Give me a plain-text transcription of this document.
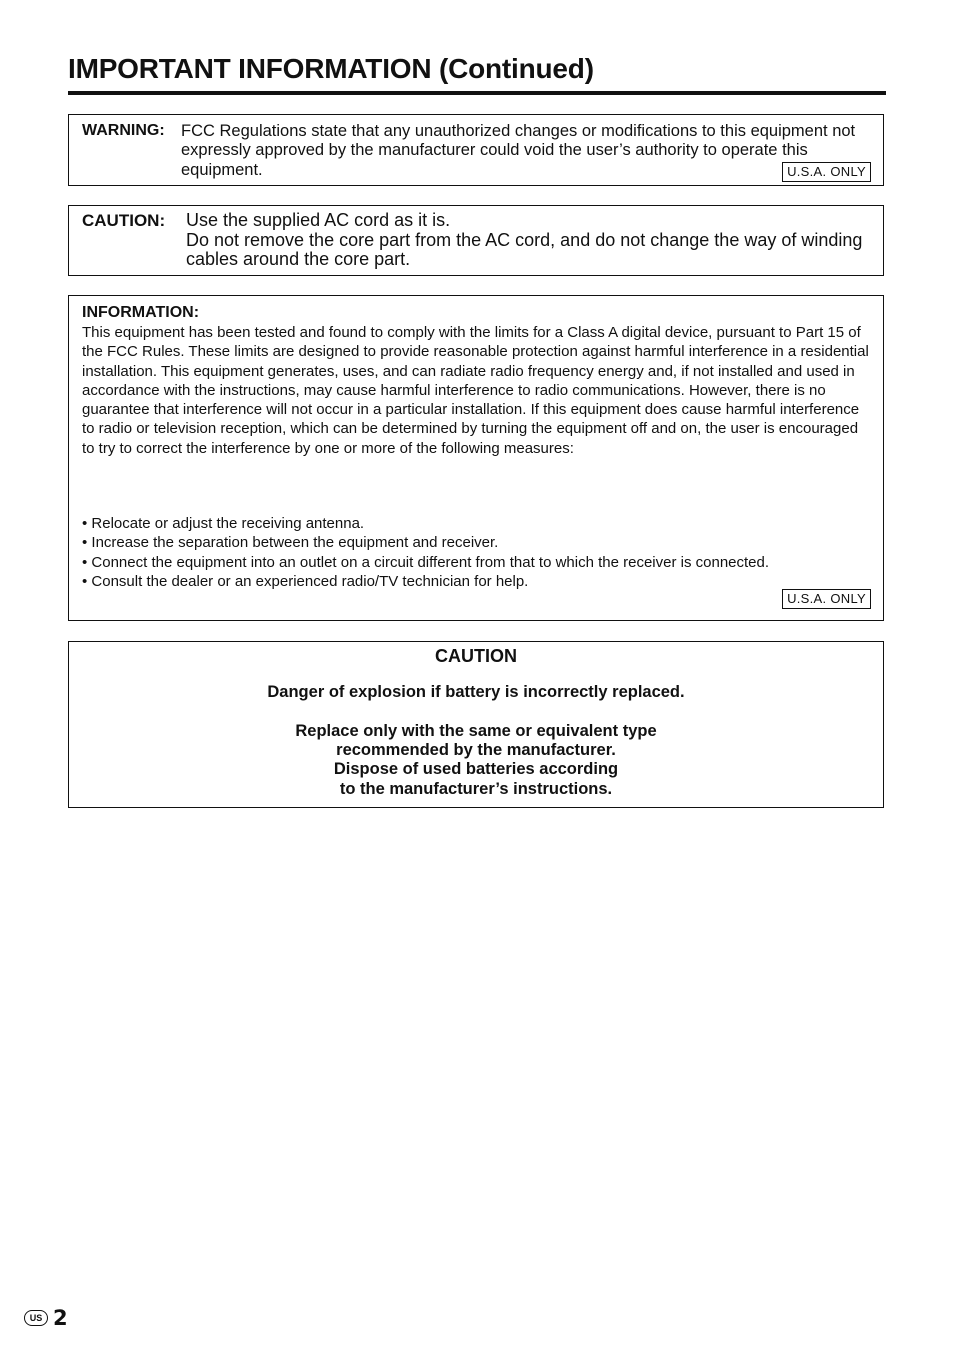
IMPORTANT INFORMATION (Continued)
WARNING: FCC Regulations state that any unauthorized changes or modifications to this equipment not expressly approved by the manufacturer could void the user’s authority to operate this equipment.	U.S.A. ONLY
CAUTION: Use the supplied AC cord as it is.
Do not remove the core part from the AC cord, and do not change the way of winding cables around the core part.
INFORMATION:
This equipment has been tested and found to comply with the limits for a Class A digital device, pursuant to Part 15 of the FCC Rules. These limits are designed to provide reasonable protection against harmful interference in a residential installation. This equipment generates, uses, and can radiate radio frequency energy and, if not installed and used in accordance with the instructions, may cause harmful interference to radio communications. However, there is no guarantee that interference will not occur in a particular installation. If this equipment does cause harmful interference to radio or television reception, which can be determined by turning the equipment off and on, the user is encouraged to try to correct the interference by one or more of the following measures:
• Relocate or adjust the receiving antenna.
• Increase the separation between the equipment and receiver.
• Connect the equipment into an outlet on a circuit different from that to which the receiver is connected.
• Consult the dealer or an experienced radio/TV technician for help.
U.S.A. ONLY
CAUTION
Danger of explosion if battery is incorrectly replaced.
Replace only with the same or equivalent type
recommended by the manufacturer.
Dispose of used batteries according
to the manufacturer’s instructions.
US 2
